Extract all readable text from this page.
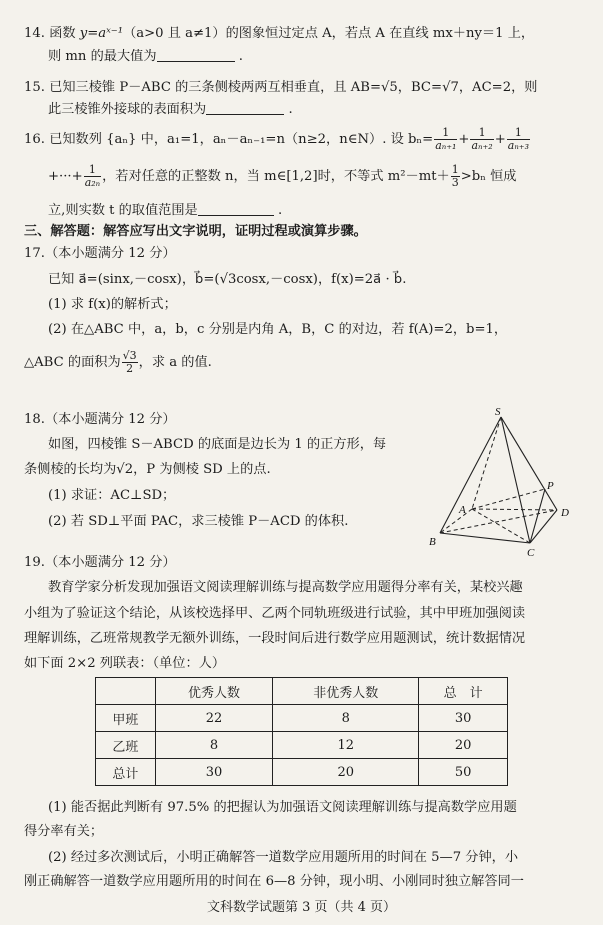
14. 函数 y=aˣ⁻¹（a>0 且 a≠1）的图象恒过定点 A，若点 A 在直线 mx＋ny＝1 上，
则 mn 的最大值为	.
15. 已知三棱锥 P－ABC 的三条侧棱两两互相垂直，且 AB=√5，BC=√7，AC=2，则
此三棱锥外接球的表面积为	.
16. 已知数列 {aₙ} 中，a₁=1，aₙ－aₙ₋₁=n（n≥2，n∈N）. 设 $b_n= \frac{1}{\text{aₙ₊₁}} + \frac{1}{\text{aₙ₊₂}} + \frac{1}{\text{aₙ₊₃}}$
+···+ $\frac{1}{\text{a₂ₙ}}$ ，若对任意的正整数 n，当 m∈[1,2]时，不等式 $m^2-mt+ \frac{1}{3} >b_n$ 恒成
立,则实数 t 的取值范围是	.
三、解答题：解答应写出文字说明，证明过程或演算步骤。
17.（本小题满分 12 分）
已知 a⃗=(sinx,－cosx)，b⃗=(√3cosx,－cosx)，f(x)=2a⃗ · b⃗.
(1) 求 f(x)的解析式；
(2) 在△ABC 中，a，b，c 分别是内角 A，B，C 的对边，若 f(A)=2，b=1，
△ABC 的面积为 $\frac{√3}{2}$ ，求 a 的值.
18.（本小题满分 12 分）
如图，四棱锥 S－ABCD 的底面是边长为 1 的正方形，每
条侧棱的长均为√2，P 为侧棱 SD 上的点.
(1) 求证：AC⊥SD；
(2) 若 SD⊥平面 PAC，求三棱锥 P－ACD 的体积.
S
A
B
C
D
P
19.（本小题满分 12 分）
教育学家分析发现加强语文阅读理解训练与提高数学应用题得分率有关，某校兴趣
小组为了验证这个结论，从该校选择甲、乙两个同轨班级进行试验，其中甲班加强阅读
理解训练，乙班常规教学无额外训练，一段时间后进行数学应用题测试，统计数据情况
如下面 2×2 列联表：（单位：人）
	优秀人数	非优秀人数	总　计
甲班	22	8	30
乙班	8	12	20
总计	30	20	50
(1) 能否据此判断有 97.5% 的把握认为加强语文阅读理解训练与提高数学应用题
得分率有关；
(2) 经过多次测试后，小明正确解答一道数学应用题所用的时间在 5—7 分钟，小
刚正确解答一道数学应用题所用的时间在 6—8 分钟，现小明、小刚同时独立解答同一
文科数学试题第 3 页（共 4 页）
